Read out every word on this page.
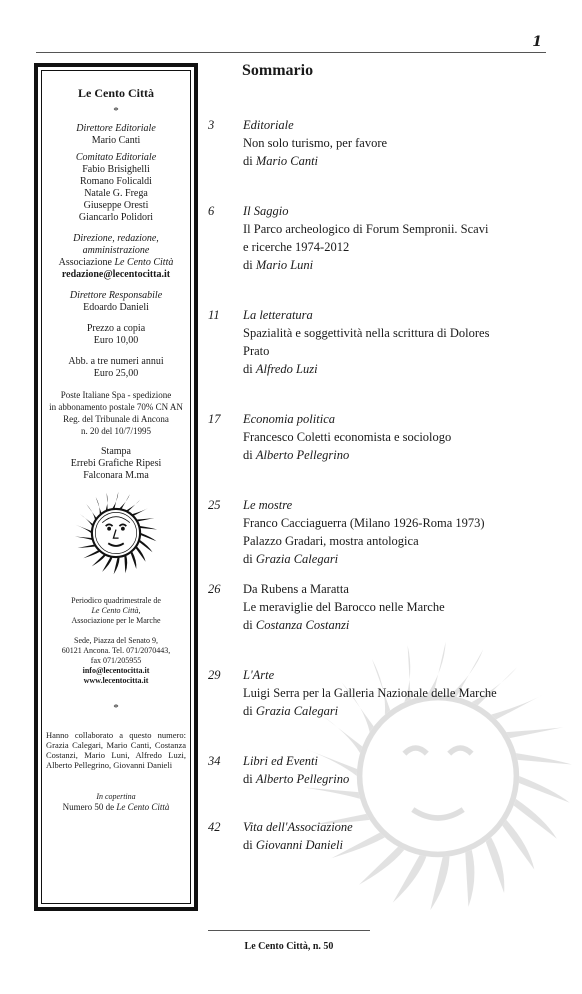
1

Le Cento Città

*

Direttore Editoriale

Mario Canti

Comitato Editoriale

Fabio Brisighelli

Romano Folicaldi

Natale G. Frega

Giuseppe Oresti

Giancarlo Polidori

Direzione, redazione,

amministrazione

Associazione Le Cento Città

redazione@lecentocitta.it

Direttore Responsabile

Edoardo Danieli

Prezzo a copia

Euro 10,00

Abb. a tre numeri annui

Euro 25,00

Poste Italiane Spa - spedizione

in abbonamento postale 70% CN AN

Reg. del Tribunale di Ancona

n. 20 del 10/7/1995

Stampa

Errebi Grafiche Ripesi

Falconara M.ma

Periodico quadrimestrale de

Le Cento Città,

Associazione per le Marche

Sede, Piazza del Senato 9,

60121 Ancona. Tel. 071/2070443,

fax 071/205955

info@lecentocitta.it

www.lecentocitta.it

*

Hanno collaborato a questo numero: Grazia Calegari, Mario Canti, Costanza Costanzi, Mario Luni, Alfredo Luzi, Alberto Pellegrino, Giovanni Danieli

In copertina

Numero 50 de Le Cento Città

Sommario
3 Editoriale
Non solo turismo, per favore
di Mario Canti
6 Il Saggio
Il Parco archeologico di Forum Sempronii. Scavi
e ricerche 1974-2012
di Mario Luni
11 La letteratura
Spazialità e soggettività nella scrittura di Dolores
Prato
di Alfredo Luzi
17 Economia politica
Francesco Coletti economista e sociologo
di Alberto Pellegrino
25 Le mostre
Franco Cacciaguerra (Milano 1926-Roma 1973)
Palazzo Gradari, mostra antologica
di Grazia Calegari
26 Da Rubens a Maratta
Le meraviglie del Barocco nelle Marche
di Costanza Costanzi
29 L'Arte
Luigi Serra per la Galleria Nazionale delle Marche
di Grazia Calegari
34 Libri ed Eventi
di Alberto Pellegrino
42 Vita dell'Associazione
di Giovanni Danieli
Le Cento Città, n. 50
